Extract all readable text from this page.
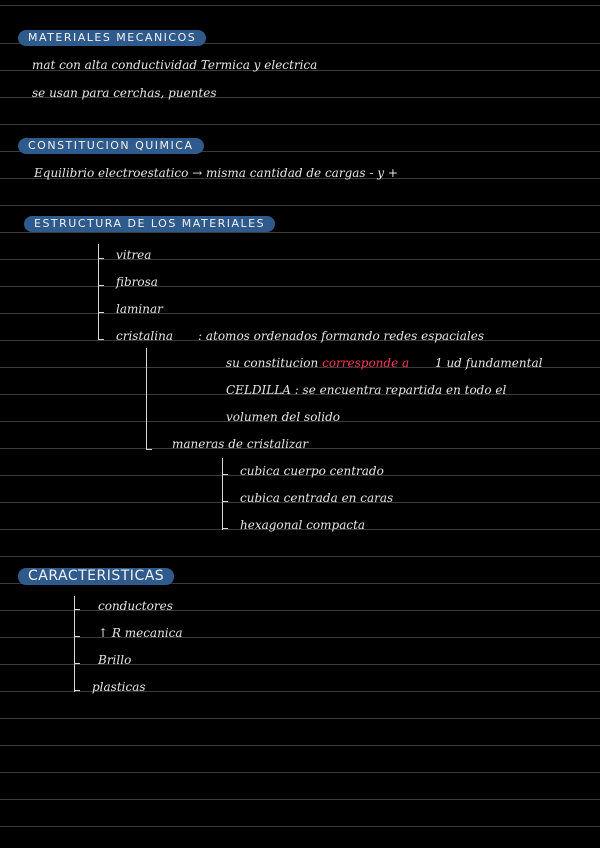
MATERIALES MECANICOS
mat con alta conductividad Termica y electrica
se usan para cerchas, puentes
CONSTITUCION QUIMICA
Equilibrio electroestatico → misma cantidad de cargas - y +
ESTRUCTURA DE LOS MATERIALES
vitrea
fibrosa
laminar
cristalina : atomos ordenados formando redes espaciales
su constitucion corresponde a 1 ud fundamental
CELDILLA : se encuentra repartida en todo el
volumen del solido
maneras de cristalizar
cubica cuerpo centrado
cubica centrada en caras
hexagonal compacta
CARACTERISTICAS
conductores
↑ R mecanica
Brillo
plasticas
